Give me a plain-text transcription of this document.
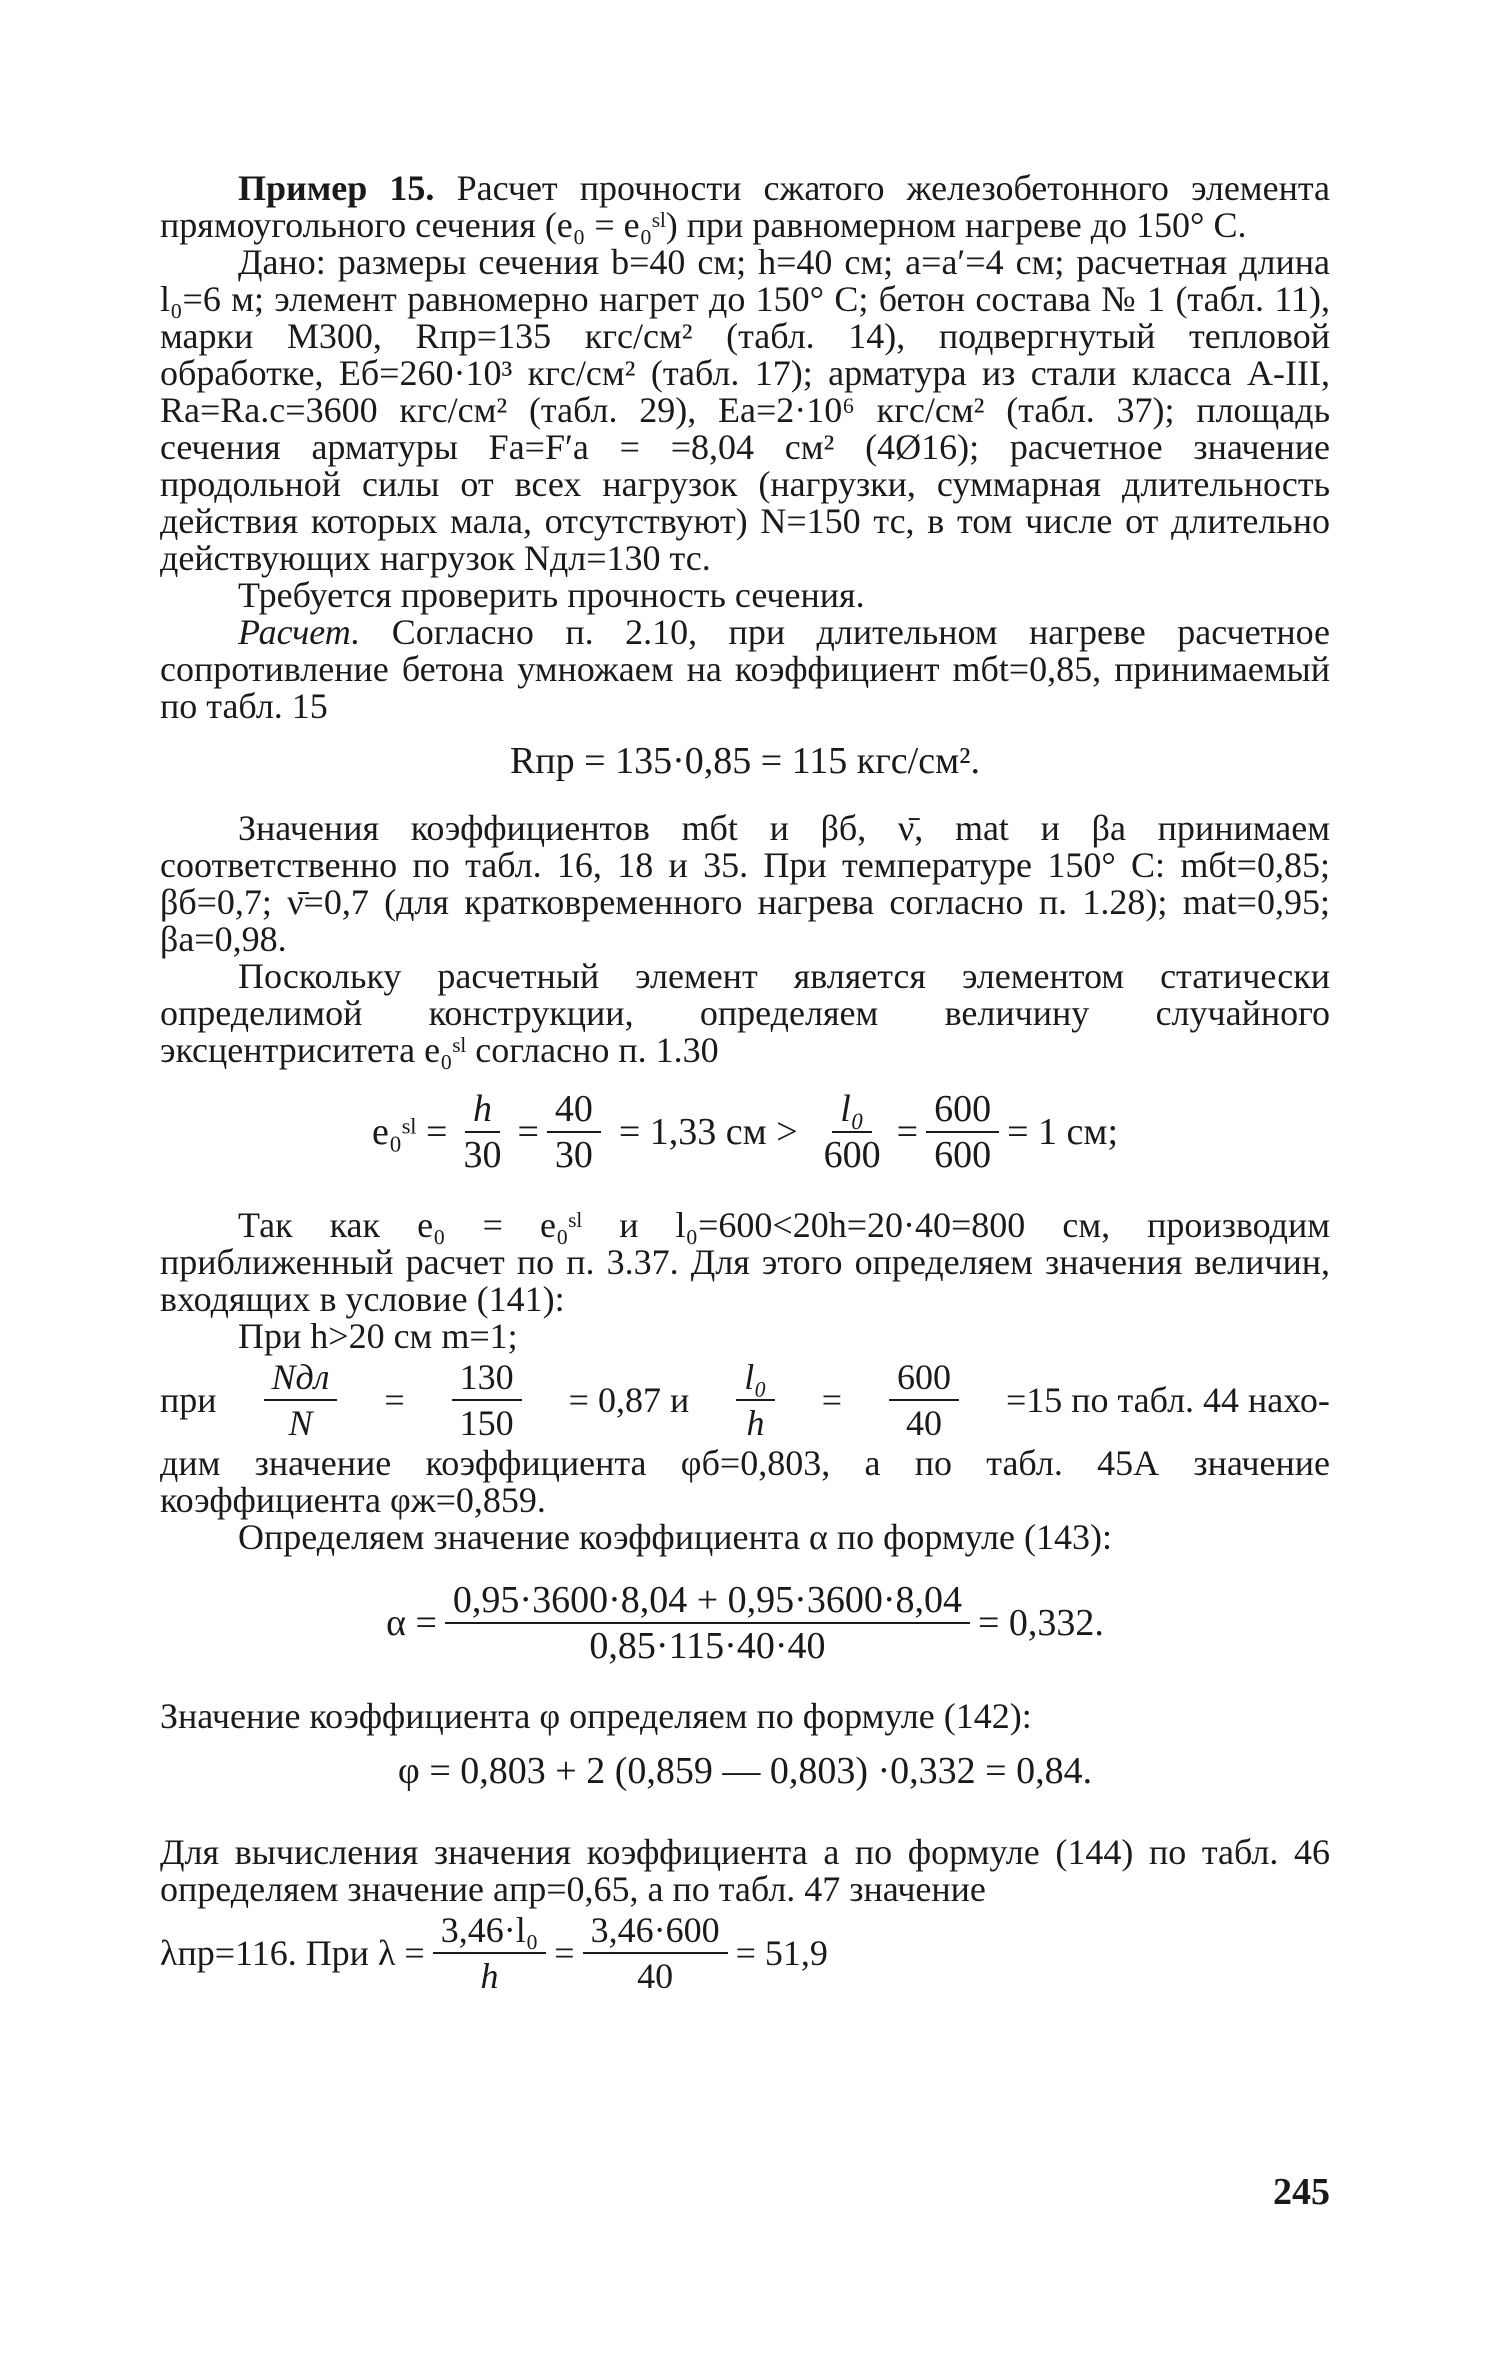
Пример 15. Расчет прочности сжатого железобетонного элемента прямоугольного сечения (e₀ = e₀ˢˡ) при равномерном нагреве до 150° С.

Дано: размеры сечения b=40 см; h=40 см; a=a′=4 см; расчетная длина l₀=6 м; элемент равномерно нагрет до 150° С; бетон состава № 1 (табл. 11), марки М300, Rпр=135 кгс/см² (табл. 14), подвергнутый тепловой обработке, Eб=260·10³ кгс/см² (табл. 17); арматура из стали класса А-III, Ra=Ra.c=3600 кгс/см² (табл. 29), Ea=2·10⁶ кгс/см² (табл. 37); площадь сечения арматуры Fa=F′a = =8,04 см² (4Ø16); расчетное значение продольной силы от всех нагрузок (нагрузки, суммарная длительность действия которых мала, отсутствуют) N=150 тс, в том числе от длительно действующих нагрузок Nдл=130 тс.

Требуется проверить прочность сечения.

Расчет. Согласно п. 2.10, при длительном нагреве расчетное сопротивление бетона умножаем на коэффициент mбt=0,85, принимаемый по табл. 15

Rпр = 135·0,85 = 115 кгс/см².

Значения коэффициентов mбt и βб, ν̄, mat и βa принимаем соответственно по табл. 16, 18 и 35. При температуре 150° С: mбt=0,85; βб=0,7; ν̄=0,7 (для кратковременного нагрева согласно п. 1.28); mat=0,95; βa=0,98.

Поскольку расчетный элемент является элементом статически определимой конструкции, определяем величину случайного эксцентриситета e₀ˢˡ согласно п. 1.30

e₀ˢˡ = $\frac{h}{30} = \frac{40}{30} = 1,33$ см > $\frac{\text{l₀}}{600} = \frac{600}{600} = 1$ см;

Так как e₀ = e₀ˢˡ и l₀=600<20h=20·40=800 см, производим приближенный расчет по п. 3.37. Для этого определяем значения величин, входящих в условие (141):

При h>20 см m=1;

при $\frac{\text{Nдл}}{N} = \frac{130}{150} = 0,87$ и $\frac{\text{l₀}}{h} = \frac{600}{40} =15$ по табл. 44 нахо-

дим значение коэффициента φб=0,803, а по табл. 45А значение коэффициента φж=0,859.

Определяем значение коэффициента α по формуле (143):

$\alpha = \frac{0,95\cdot 3600\cdot 8,04 + 0,95\cdot 3600\cdot 8,04}{0,85\cdot 115\cdot 40\cdot 40} = 0,332$.

Значение коэффициента φ определяем по формуле (142):

φ = 0,803 + 2 (0,859 — 0,803) ·0,332 = 0,84.

Для вычисления значения коэффициента a по формуле (144) по табл. 46 определяем значение aпр=0,65, а по табл. 47 значение

λпр=116. При $\lambda = \frac{\text{3,46·l₀}}{h} = \frac{3,46\cdot 600}{40} = 51,9$
245
